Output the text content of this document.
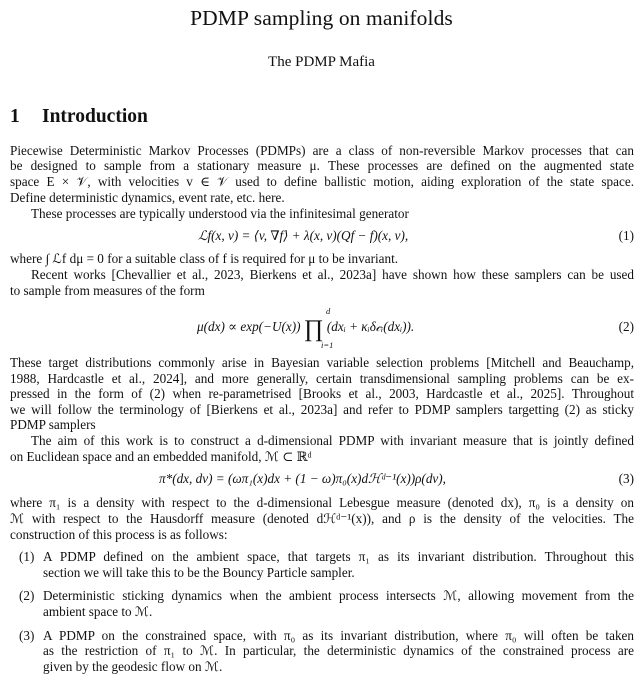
PDMP sampling on manifolds
The PDMP Mafia
1 Introduction
Piecewise Deterministic Markov Processes (PDMPs) are a class of non-reversible Markov processes that can
be designed to sample from a stationary measure μ. These processes are defined on the augmented state
space E × 𝒱, with velocities v ∈ 𝒱 used to define ballistic motion, aiding exploration of the state space.
Define deterministic dynamics, event rate, etc. here.
These processes are typically understood via the infinitesimal generator
ℒf(x, v) = ⟨v, ∇f⟩ + λ(x, v)(Qf − f)(x, v),	(1)
where ∫ ℒf dμ = 0 for a suitable class of f is required for μ to be invariant.
Recent works [Chevallier et al., 2023, Bierkens et al., 2023a] have shown how these samplers can be used
to sample from measures of the form
μ(dx) ∝ exp(−U(x)) ∏ (dxᵢ + κᵢδ𝒸ᵢ(dxᵢ)).
d
i=1
(2)
These target distributions commonly arise in Bayesian variable selection problems [Mitchell and Beauchamp,
1988, Hardcastle et al., 2024], and more generally, certain transdimensional sampling problems can be ex-
pressed in the form of (2) when re-parametrised [Brooks et al., 2003, Hardcastle et al., 2025]. Throughout
we will follow the terminology of [Bierkens et al., 2023a] and refer to PDMP samplers targetting (2) as sticky
PDMP samplers
The aim of this work is to construct a d-dimensional PDMP with invariant measure that is jointly defined
on Euclidean space and an embedded manifold, ℳ ⊂ ℝᵈ
π*(dx, dv) = (ωπ₁(x)dx + (1 − ω)π₀(x)dℋᵈ⁻¹(x))ρ(dv),	(3)
where π₁ is a density with respect to the d-dimensional Lebesgue measure (denoted dx), π₀ is a density on
ℳ with respect to the Hausdorff measure (denoted dℋᵈ⁻¹(x)), and ρ is the density of the velocities. The
construction of this process is as follows:
(1) A PDMP defined on the ambient space, that targets π₁ as its invariant distribution. Throughout this
section we will take this to be the Bouncy Particle sampler.
(2) Deterministic sticking dynamics when the ambient process intersects ℳ, allowing movement from the
ambient space to ℳ.
(3) A PDMP on the constrained space, with π₀ as its invariant distribution, where π₀ will often be taken
as the restriction of π₁ to ℳ. In particular, the deterministic dynamics of the constrained process are
given by the geodesic flow on ℳ.
